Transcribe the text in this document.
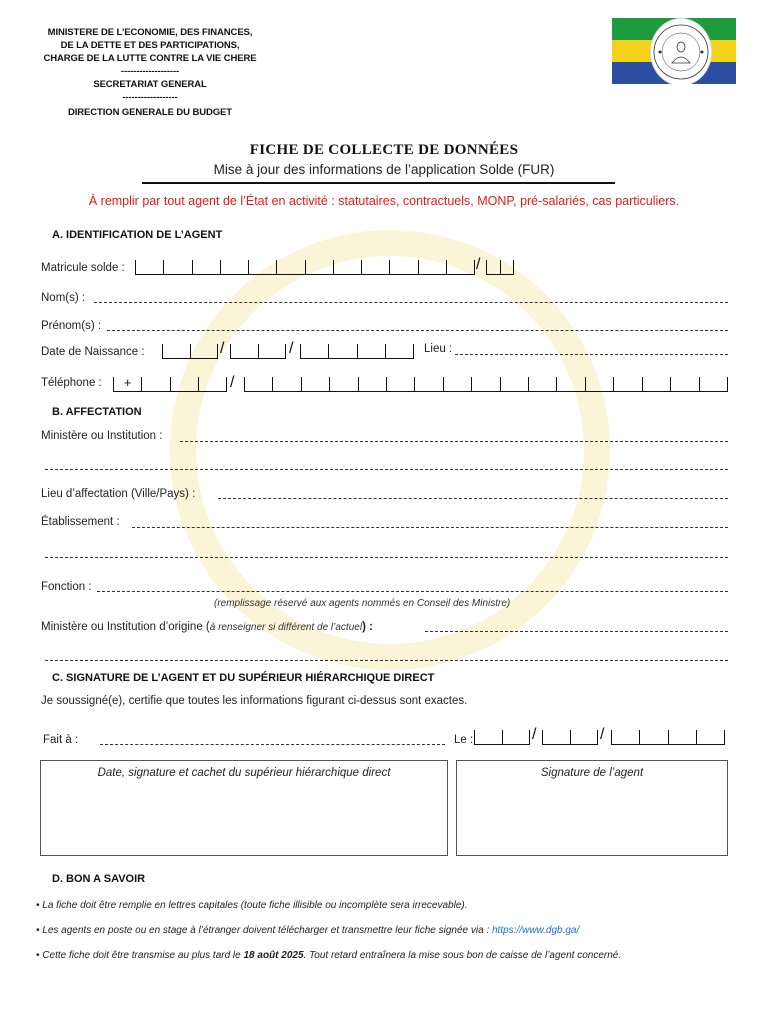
MINISTERE DE L’ECONOMIE, DES FINANCES,
DE LA DETTE ET DES PARTICIPATIONS,
CHARGE DE LA LUTTE CONTRE LA VIE CHERE
-------------------
SECRETARIAT GENERAL
------------------
DIRECTION GENERALE DU BUDGET
FICHE DE COLLECTE DE DONNÉES
Mise à jour des informations de l’application Solde (FUR)
À remplir par tout agent de l’État en activité : statutaires, contractuels, MONP, pré-salariés, cas particuliers.
A. IDENTIFICATION DE L’AGENT
Matricule solde :	/
Nom(s) :
Prénom(s) :
Date de Naissance :	/	/	Lieu :
Téléphone :	+	/
B. AFFECTATION
Ministère ou Institution :
Lieu d’affectation (Ville/Pays) :
Établissement :
Fonction :
(remplissage réservé aux agents nommés en Conseil des Ministre)
Ministère ou Institution d’origine (à renseigner si différent de l’actuel) :
C. SIGNATURE DE L’AGENT ET DU SUPÉRIEUR HIÉRARCHIQUE DIRECT
Je soussigné(e), certifie que toutes les informations figurant ci-dessus sont exactes.
Fait à :	Le :	/	/
Date, signature et cachet du supérieur hiérarchique direct	Signature de l’agent
D. BON A SAVOIR
• La fiche doit être remplie en lettres capitales (toute fiche illisible ou incomplète sera irrecevable).
• Les agents en poste ou en stage à l’étranger doivent télécharger et transmettre leur fiche signée via : https://www.dgb.ga/
• Cette fiche doit être transmise au plus tard le 18 août 2025. Tout retard entraînera la mise sous bon de caisse de l’agent concerné.
